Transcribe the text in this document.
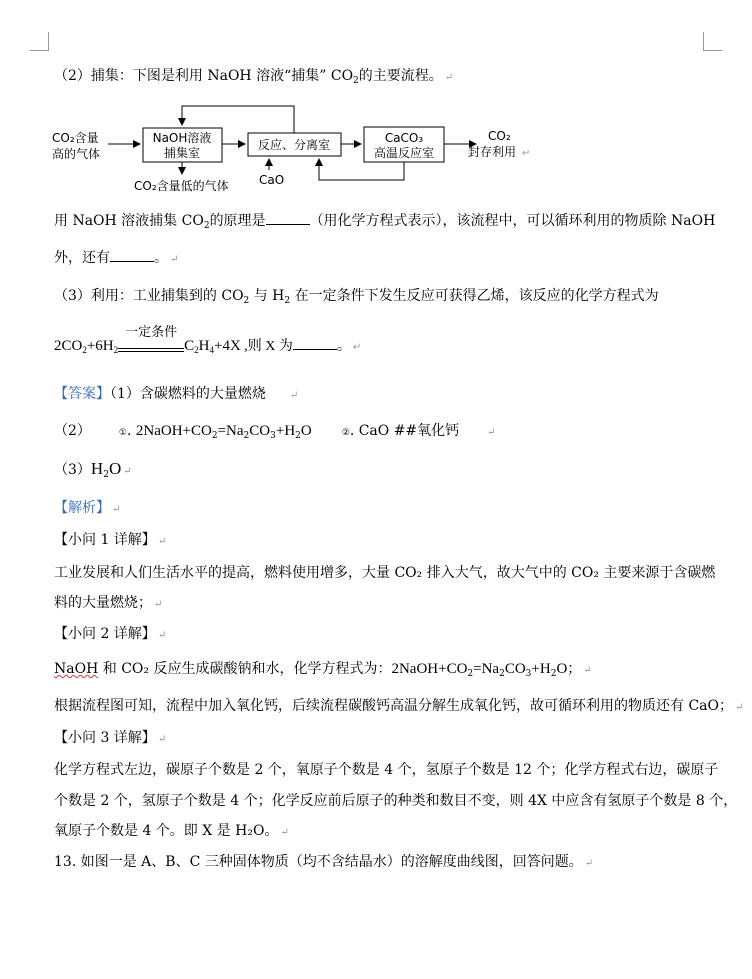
（2）捕集：下图是利用 NaOH 溶液“捕集” $CO_2$的主要流程。 ↵
CO₂含量
高的气体
NaOH溶液
捕集室
反应、分离室	CaCO₃
高温反应室
CO₂
封存利用 ↵
CO₂含量低的气体	CaO
用 NaOH 溶液捕集 $CO_2$的原理是	（用化学方程式表示），该流程中，可以循环利用的物质除 NaOH
外，还有	。 ↵
（3）利用：工业捕集到的 $CO_2$ 与 $H_2$ 在一定条件下发生反应可获得乙烯，该反应的化学方程式为
$2CO_2+6H_2$
一定条件
$C_2H_4+4X$ ,则 X 为	。 ↵
【答案】（1）含碳燃料的大量燃烧 ↵
（2）	①. $2NaOH+CO_2=Na_2CO_3+H_2O$	②. CaO ##氧化钙	↵
$(3)H_2O$ ↵
【解析】 ↵
【小问 1 详解】 ↵
工业发展和人们生活水平的提高，燃料使用增多，大量 CO₂ 排入大气，故大气中的 CO₂ 主要来源于含碳燃
料的大量燃烧； ↵
【小问 2 详解】 ↵
NaOH 和 CO₂ 反应生成碳酸钠和水，化学方程式为：$2NaOH+CO_2=Na_2CO_3+H_2O$； ↵
根据流程图可知，流程中加入氧化钙，后续流程碳酸钙高温分解生成氧化钙，故可循环利用的物质还有 CaO； ↵
【小问 3 详解】 ↵
化学方程式左边，碳原子个数是 2 个，氧原子个数是 4 个，氢原子个数是 12 个；化学方程式右边，碳原子
个数是 2 个，氢原子个数是 4 个；化学反应前后原子的种类和数目不变，则 4X 中应含有氢原子个数是 8 个，
氧原子个数是 4 个。即 X 是 H₂O。 ↵
13. 如图一是 A、B、C 三种固体物质（均不含结晶水）的溶解度曲线图，回答问题。 ↵
